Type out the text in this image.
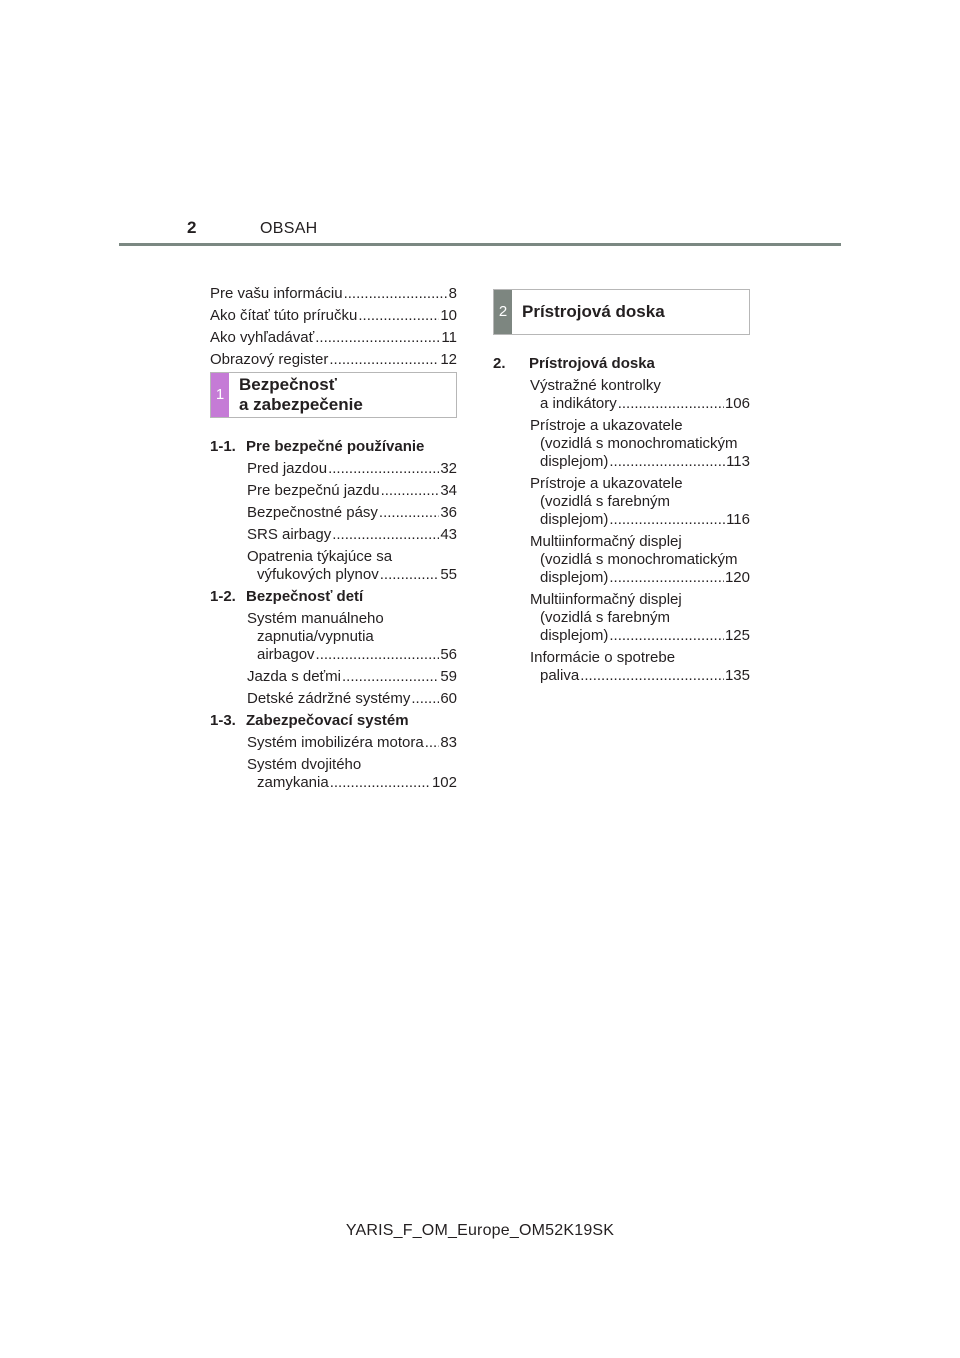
2	OBSAH
Pre vašu informáciu .....	8
Ako čítať túto príručku .....	10
Ako vyhľadávať .....	11
Obrazový register .....	12
1
Bezpečnosť
a zabezpečenie
1-1. Pre bezpečné používanie
Pred jazdou .....	32
Pre bezpečnú jazdu .....	34
Bezpečnostné pásy .....	36
SRS airbagy .....	43
Opatrenia týkajúce sa
výfukových plynov .....	55
1-2. Bezpečnosť detí
Systém manuálneho
zapnutia/vypnutia
airbagov .....	56
Jazda s deťmi .....	59
Detské zádržné systémy ..... 60
1-3. Zabezpečovací systém
Systém imobilizéra motora ..... 83
Systém dvojitého
zamykania .....	102
2 Prístrojová doska
2.	Prístrojová doska
Výstražné kontrolky
a indikátory .....	106
Prístroje a ukazovatele
(vozidlá s monochromatickým
displejom) .....	113
Prístroje a ukazovatele
(vozidlá s farebným
displejom) .....	116
Multiinformačný displej
(vozidlá s monochromatickým
displejom) .....	120
Multiinformačný displej
(vozidlá s farebným
displejom) .....	125
Informácie o spotrebe
paliva .....	135
YARIS_F_OM_Europe_OM52K19SK
